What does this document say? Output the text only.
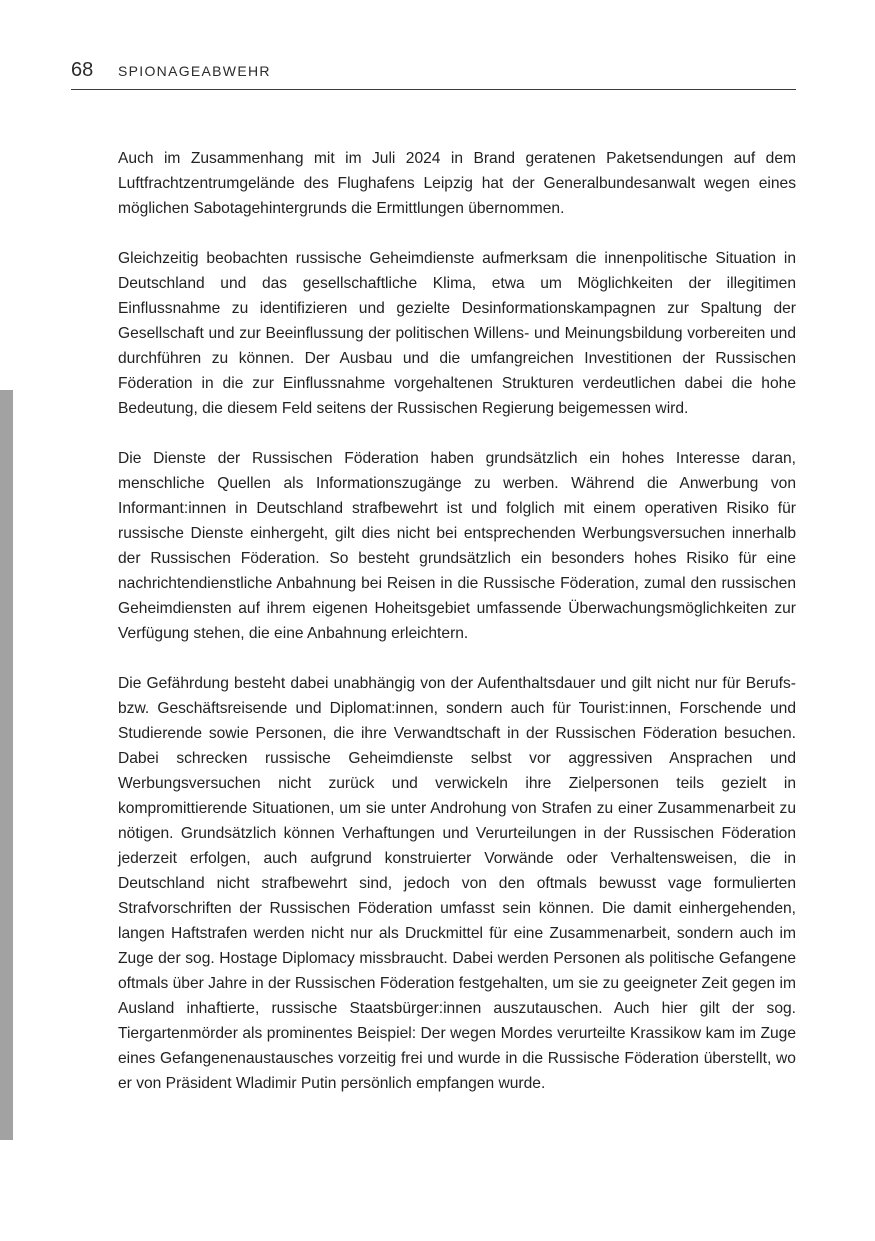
68 SPIONAGEABWEHR

Auch im Zusammenhang mit im Juli 2024 in Brand geratenen Paketsendungen auf dem Luftfrachtzentrumgelände des Flughafens Leipzig hat der Generalbundesanwalt wegen eines möglichen Sabotagehintergrunds die Ermittlungen übernommen.

Gleichzeitig beobachten russische Geheimdienste aufmerksam die innenpolitische Situation in Deutschland und das gesellschaftliche Klima, etwa um Möglichkeiten der illegitimen Einflussnahme zu identifizieren und gezielte Desinformationskampagnen zur Spaltung der Gesellschaft und zur Beeinflussung der politischen Willens- und Meinungsbildung vorbereiten und durchführen zu können. Der Ausbau und die umfangreichen Investitionen der Russischen Föderation in die zur Einflussnahme vorgehaltenen Strukturen verdeutlichen dabei die hohe Bedeutung, die diesem Feld seitens der Russischen Regierung beigemessen wird.

Die Dienste der Russischen Föderation haben grundsätzlich ein hohes Interesse daran, menschliche Quellen als Informationszugänge zu werben. Während die Anwerbung von Informant:innen in Deutschland strafbewehrt ist und folglich mit einem operativen Risiko für russische Dienste einhergeht, gilt dies nicht bei entsprechenden Werbungsversuchen innerhalb der Russischen Föderation. So besteht grundsätzlich ein besonders hohes Risiko für eine nachrichtendienstliche Anbahnung bei Reisen in die Russische Föderation, zumal den russischen Geheimdiensten auf ihrem eigenen Hoheitsgebiet umfassende Überwachungsmöglichkeiten zur Verfügung stehen, die eine Anbahnung erleichtern.

Die Gefährdung besteht dabei unabhängig von der Aufenthaltsdauer und gilt nicht nur für Berufs- bzw. Geschäftsreisende und Diplomat:innen, sondern auch für Tourist:innen, Forschende und Studierende sowie Personen, die ihre Verwandtschaft in der Russischen Föderation besuchen. Dabei schrecken russische Geheimdienste selbst vor aggressiven Ansprachen und Werbungsversuchen nicht zurück und verwickeln ihre Zielpersonen teils gezielt in kompromittierende Situationen, um sie unter Androhung von Strafen zu einer Zusammenarbeit zu nötigen. Grundsätzlich können Verhaftungen und Verurteilungen in der Russischen Föderation jederzeit erfolgen, auch aufgrund konstruierter Vorwände oder Verhaltensweisen, die in Deutschland nicht strafbewehrt sind, jedoch von den oftmals bewusst vage formulierten Strafvorschriften der Russischen Föderation umfasst sein können. Die damit einhergehenden, langen Haftstrafen werden nicht nur als Druckmittel für eine Zusammenarbeit, sondern auch im Zuge der sog. Hostage Diplomacy missbraucht. Dabei werden Personen als politische Gefangene oftmals über Jahre in der Russischen Föderation festgehalten, um sie zu geeigneter Zeit gegen im Ausland inhaftierte, russische Staatsbürger:innen auszutauschen. Auch hier gilt der sog. Tiergartenmörder als prominentes Beispiel: Der wegen Mordes verurteilte Krassikow kam im Zuge eines Gefangenenaustausches vorzeitig frei und wurde in die Russische Föderation überstellt, wo er von Präsident Wladimir Putin persönlich empfangen wurde.
